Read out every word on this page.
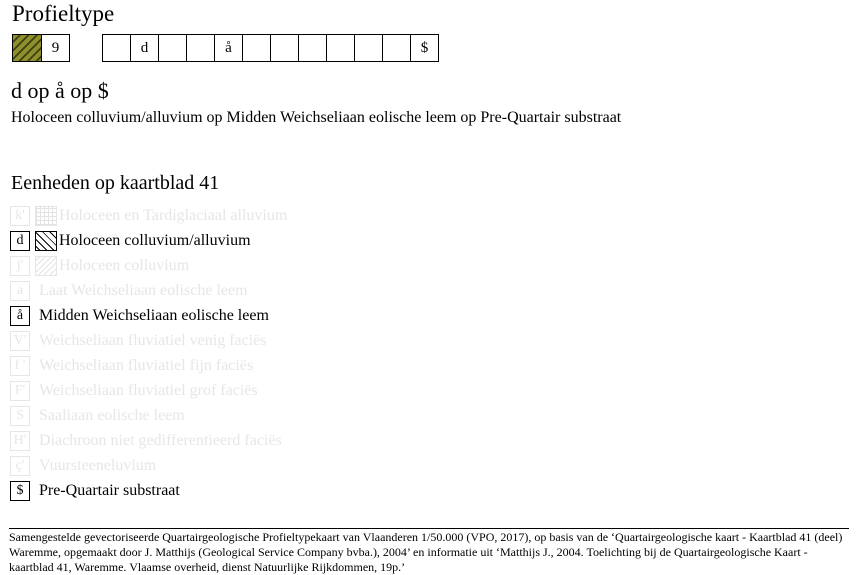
Profieltype
9	d	å	$
d op å op $
Holoceen colluvium/alluvium op Midden Weichseliaan eolische leem op Pre-Quartair substraat
Eenheden op kaartblad 41
k'	Holoceen en Tardiglaciaal alluvium
d	Holoceen colluvium/alluvium
j'	Holoceen colluvium
a Laat Weichseliaan eolische leem
å Midden Weichseliaan eolische leem
V' Weichseliaan fluviatiel venig faciës
f ' Weichseliaan fluviatiel fijn faciës
F' Weichseliaan fluviatiel grof faciës
S Saaliaan eolische leem
H' Diachroon niet gedifferentieerd faciës
ç' Vuursteeneluvium
$ Pre-Quartair substraat
Samengestelde gevectoriseerde Quartairgeologische Profieltypekaart van Vlaanderen 1/50.000 (VPO, 2017), op basis van de ‘Quartairgeologische kaart - Kaartblad 41 (deel) Waremme, opgemaakt door J. Matthijs (Geological Service Company bvba.), 2004’ en informatie uit ‘Matthijs J., 2004. Toelichting bij de Quartairgeologische Kaart - kaartblad 41, Waremme. Vlaamse overheid, dienst Natuurlijke Rijkdommen, 19p.’
